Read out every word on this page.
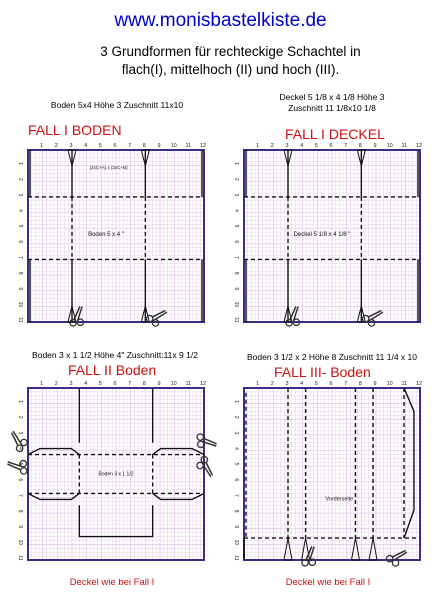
www.monisbastelkiste.de
3 Grundformen für rechteckige Schachtel in
flach(I), mittelhoch (II) und hoch (III).
Boden 5x4 Höhe 3 Zuschnitt 11x10
FALL I BODEN
Deckel 5 1/8 x 4 1/8 Höhe 3
Zuschnitt 11 1/8x10 1/8
FALL I DECKEL
Boden 3 x 1 1/2 Höhe 4" Zuschnitt:11x 9 1/2
FALL II Boden
Boden 3 1/2 x 2 Höhe 8 Zuschnitt 11 1/4 x 10
FALL III- Boden
1 2 3 4 5 6 7 8 9 10 11 12
1
2
3
4
5
6
7
8
9
10
11
Boden 5 x 4 "
(2xC+A) x (2xC+B)
1 2 3 4 5 6 7 8 9 10 11 12
1
2
3
4
5
6
7
8
9
10
11
Deckel 5 1/8 x 4 1/8 "
1 2 3 4 5 6 7 8 9 10 11 12
1
2
3
4
5
6
7
8
9
10
11
Boden 3 x 1 1/2
1 2 3 4 5 6 7 8 9 10 11 12
1
2
3
4
5
6
7
8
9
10
11
Vorderseite
Deckel wie bei Fall I	Deckel wie bei Fall I
